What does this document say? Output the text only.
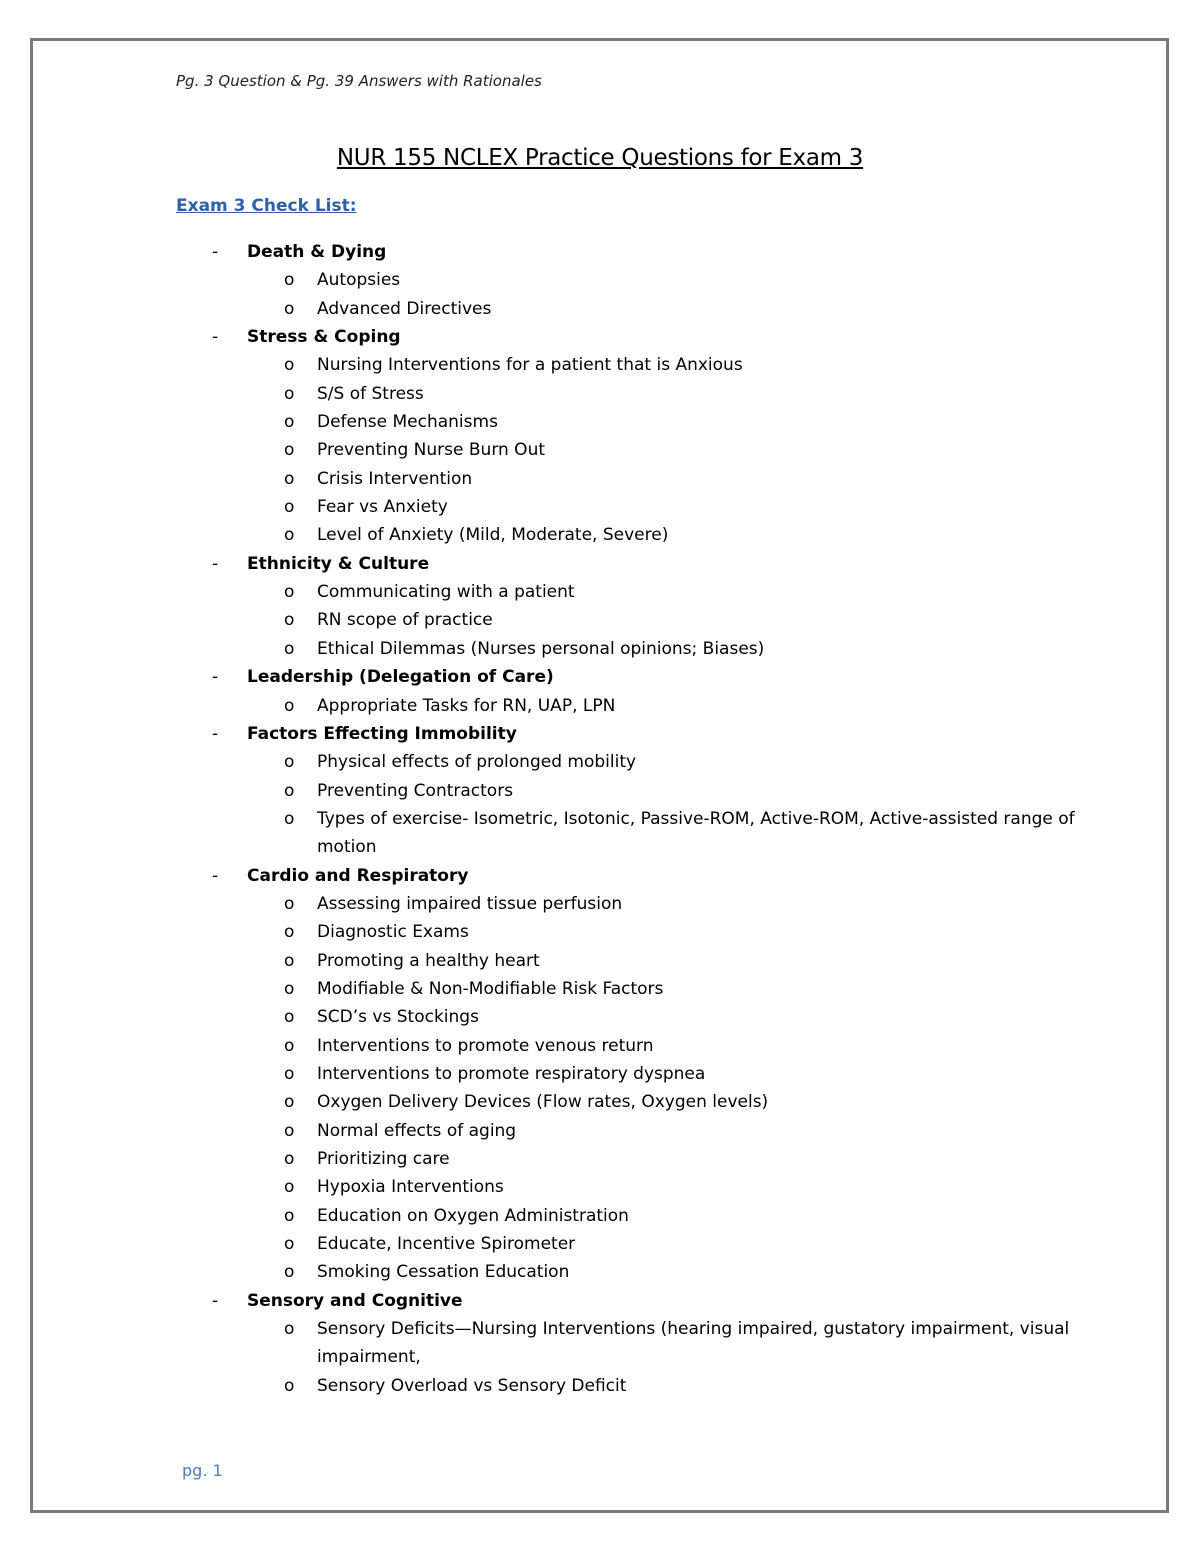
Pg. 3 Question & Pg. 39 Answers with Rationales
NUR 155 NCLEX Practice Questions for Exam 3
Exam 3 Check List:
-	Death & Dying
o	Autopsies
o	Advanced Directives
-	Stress & Coping
o	Nursing Interventions for a patient that is Anxious
o	S/S of Stress
o	Defense Mechanisms
o	Preventing Nurse Burn Out
o	Crisis Intervention
o	Fear vs Anxiety
o	Level of Anxiety (Mild, Moderate, Severe)
-	Ethnicity & Culture
o	Communicating with a patient
o	RN scope of practice
o	Ethical Dilemmas (Nurses personal opinions; Biases)
-	Leadership (Delegation of Care)
o	Appropriate Tasks for RN, UAP, LPN
-	Factors Effecting Immobility
o	Physical effects of prolonged mobility
o	Preventing Contractors
o	Types of exercise- Isometric, Isotonic, Passive-ROM, Active-ROM, Active-assisted range of motion
-	Cardio and Respiratory
o	Assessing impaired tissue perfusion
o	Diagnostic Exams
o	Promoting a healthy heart
o	Modifiable & Non-Modifiable Risk Factors
o	SCD’s vs Stockings
o	Interventions to promote venous return
o	Interventions to promote respiratory dyspnea
o	Oxygen Delivery Devices (Flow rates, Oxygen levels)
o	Normal effects of aging
o	Prioritizing care
o	Hypoxia Interventions
o	Education on Oxygen Administration
o	Educate, Incentive Spirometer
o	Smoking Cessation Education
-	Sensory and Cognitive
o	Sensory Deficits—Nursing Interventions (hearing impaired, gustatory impairment, visual impairment,
o	Sensory Overload vs Sensory Deficit
pg. 1
